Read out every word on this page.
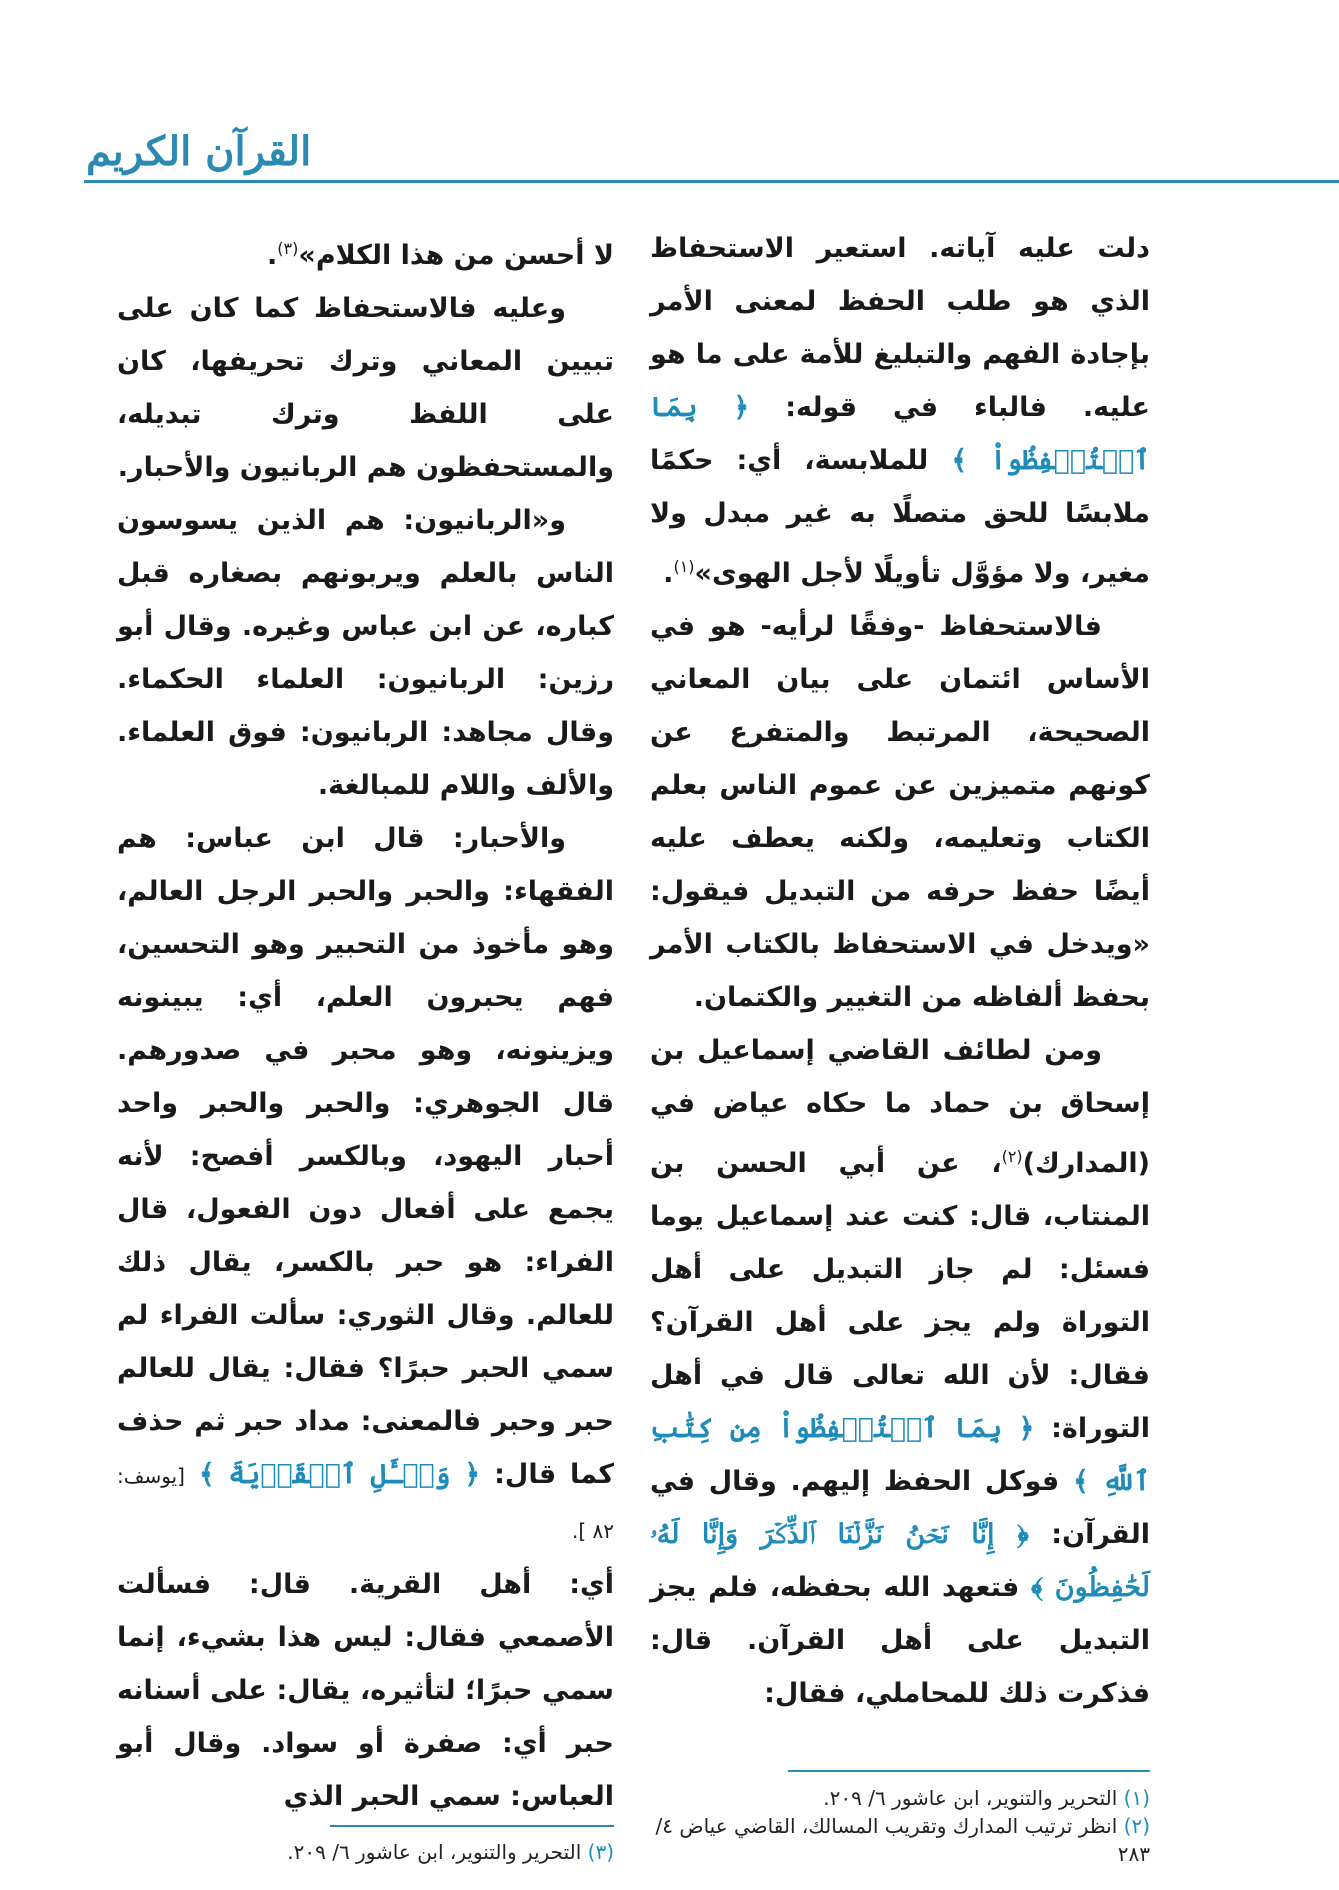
القرآن الكريم

دلت عليه آياته. استعير الاستحفاظ الذي هو طلب الحفظ لمعنى الأمر بإجادة الفهم والتبليغ للأمة على ما هو عليه. فالباء في قوله: ﴿ بِمَا ٱسۡتُحۡفِظُواْ ﴾ للملابسة، أي: حكمًا ملابسًا للحق متصلًا به غير مبدل ولا مغير، ولا مؤوَّل تأويلًا لأجل الهوى»$^{(١)}$.

فالاستحفاظ -وفقًا لرأيه- هو في الأساس ائتمان على بيان المعاني الصحيحة، المرتبط والمتفرع عن كونهم متميزين عن عموم الناس بعلم الكتاب وتعليمه، ولكنه يعطف عليه أيضًا حفظ حرفه من التبديل فيقول: «ويدخل في الاستحفاظ بالكتاب الأمر بحفظ ألفاظه من التغيير والكتمان.

ومن لطائف القاضي إسماعيل بن إسحاق بن حماد ما حكاه عياض في (المدارك)$^{(٢)}$، عن أبي الحسن بن المنتاب، قال: كنت عند إسماعيل يوما فسئل: لم جاز التبديل على أهل التوراة ولم يجز على أهل القرآن؟ فقال: لأن الله تعالى قال في أهل التوراة: ﴿ بِمَا ٱسۡتُحۡفِظُواْ مِن كِتَٰبِ ٱللَّهِ ﴾ فوكل الحفظ إليهم. وقال في القرآن: ﴿ إِنَّا نَحۡنُ نَزَّلۡنَا ٱلذِّكۡرَ وَإِنَّا لَهُۥ لَحَٰفِظُونَ ﴾ فتعهد الله بحفظه، فلم يجز التبديل على أهل القرآن. قال: فذكرت ذلك للمحاملي، فقال:

لا أحسن من هذا الكلام»$^{(٣)}$.

وعليه فالاستحفاظ كما كان على تبيين المعاني وترك تحريفها، كان على اللفظ وترك تبديله، والمستحفظون هم الربانيون والأحبار.

و«الربانيون: هم الذين يسوسون الناس بالعلم ويربونهم بصغاره قبل كباره، عن ابن عباس وغيره. وقال أبو رزين: الربانيون: العلماء الحكماء. وقال مجاهد: الربانيون: فوق العلماء. والألف واللام للمبالغة.

والأحبار: قال ابن عباس: هم الفقهاء: والحبر والحبر الرجل العالم، وهو مأخوذ من التحبير وهو التحسين، فهم يحبرون العلم، أي: يبينونه ويزينونه، وهو محبر في صدورهم. قال الجوهري: والحبر والحبر واحد أحبار اليهود، وبالكسر أفصح: لأنه يجمع على أفعال دون الفعول، قال الفراء: هو حبر بالكسر، يقال ذلك للعالم. وقال الثوري: سألت الفراء لم سمي الحبر حبرًا؟ فقال: يقال للعالم حبر وحبر فالمعنى: مداد حبر ثم حذف كما قال: ﴿ وَسۡـَٔلِ ٱلۡقَرۡيَةَ ﴾ [يوسف: ٨٢ ].

أي: أهل القرية. قال: فسألت الأصمعي فقال: ليس هذا بشيء، إنما سمي حبرًا؛ لتأثيره، يقال: على أسنانه حبر أي: صفرة أو سواد. وقال أبو العباس: سمي الحبر الذي	(١) التحرير والتنوير، ابن عاشور ٦/ ٢٠٩.

(٢) انظر ترتيب المدارك وتقريب المسالك، القاضي عياض ٤/ ٢٨٣

(٣) التحرير والتنوير، ابن عاشور ٦/ ٢٠٩.
